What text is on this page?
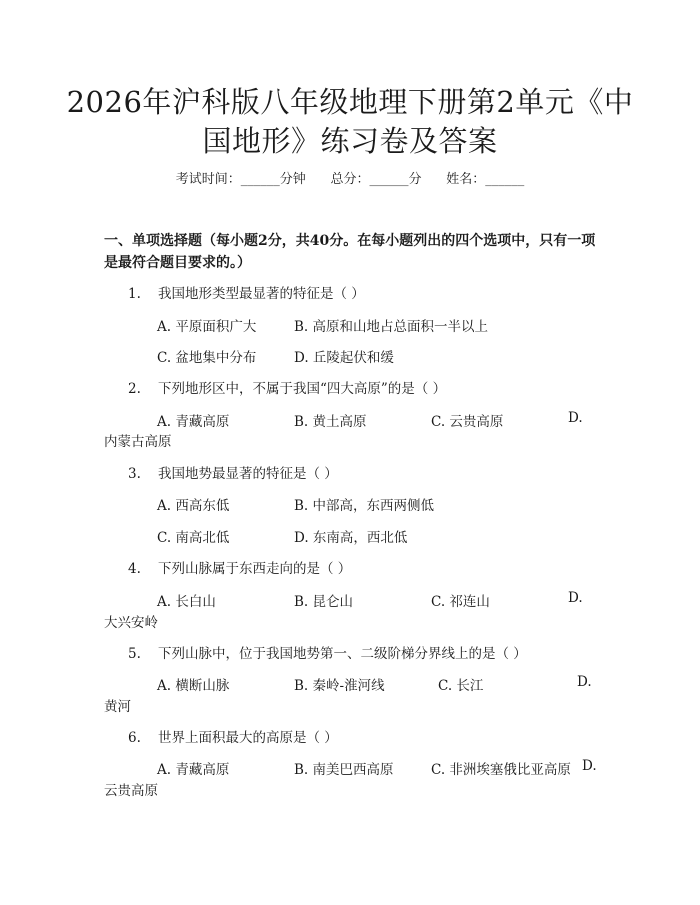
2026年沪科版八年级地理下册第2单元《中
国地形》练习卷及答案
考试时间：______分钟      总分：______分      姓名：______
一、单项选择题（每小题2分，共40分。在每小题列出的四个选项中，只有一项
是最符合题目要求的。）
1. 我国地形类型最显著的特征是（ ）
A. 平原面积广大	B. 高原和山地占总面积一半以上
C. 盆地集中分布	D. 丘陵起伏和缓
2. 下列地形区中，不属于我国“四大高原”的是（ ）
A. 青藏高原	B. 黄土高原	C. 云贵高原	D.
内蒙古高原
3. 我国地势最显著的特征是（ ）
A. 西高东低	B. 中部高，东西两侧低
C. 南高北低	D. 东南高，西北低
4. 下列山脉属于东西走向的是（ ）
A. 长白山	B. 昆仑山	C. 祁连山	D.
大兴安岭
5. 下列山脉中，位于我国地势第一、二级阶梯分界线上的是（ ）
A. 横断山脉	B. 秦岭-淮河线	C. 长江	D.
黄河
6. 世界上面积最大的高原是（ ）
A. 青藏高原	B. 南美巴西高原	C. 非洲埃塞俄比亚高原 D.
云贵高原
